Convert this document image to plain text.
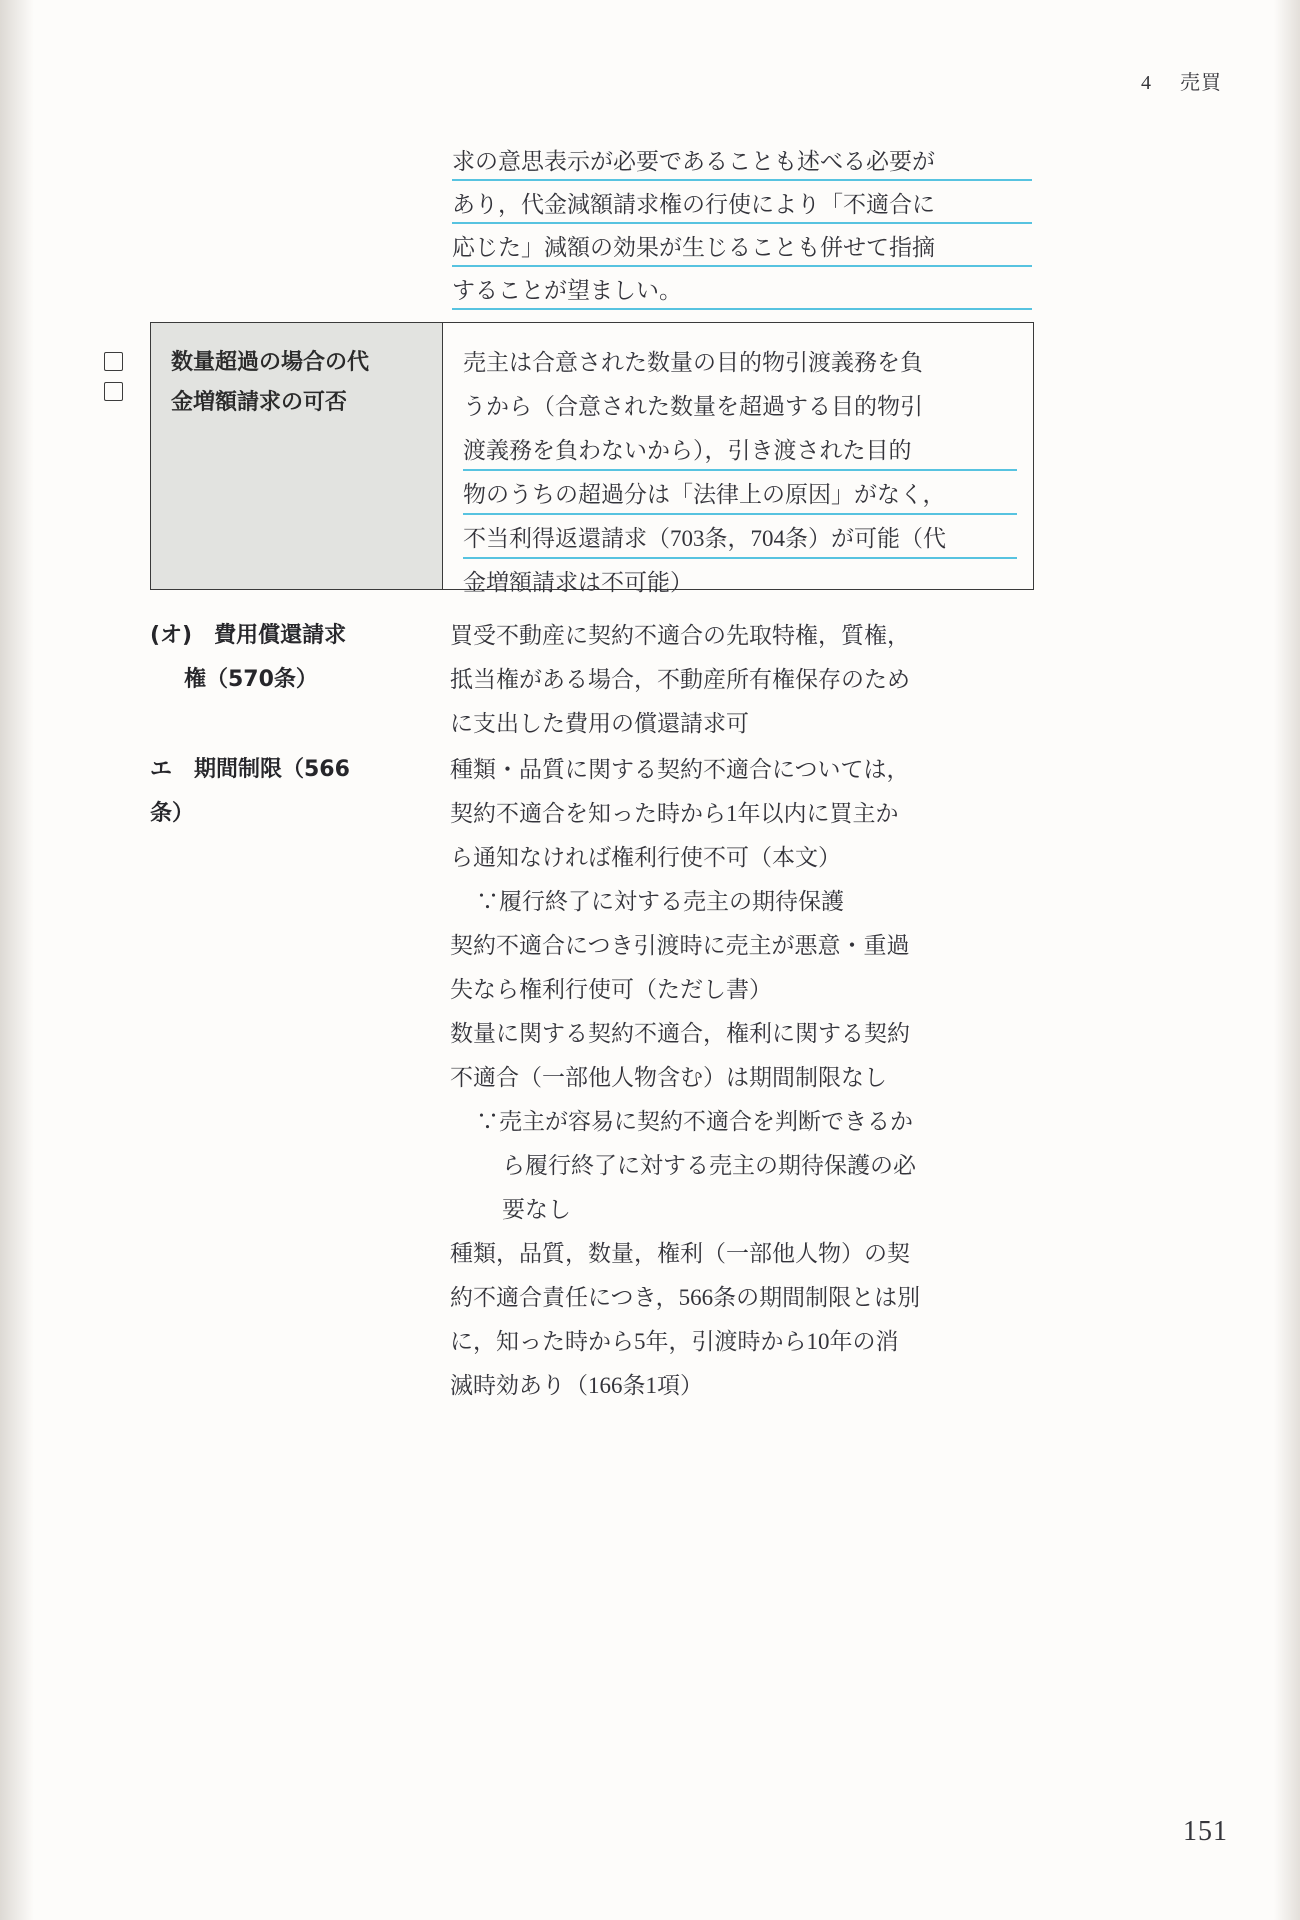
4 売買
求の意思表示が必要であることも述べる必要が
あり，代金減額請求権の行使により「不適合に
応じた」減額の効果が生じることも併せて指摘
することが望ましい。
数量超過の場合の代
金増額請求の可否
売主は合意された数量の目的物引渡義務を負
うから（合意された数量を超過する目的物引
渡義務を負わないから），引き渡された目的
物のうちの超過分は「法律上の原因」がなく，
不当利得返還請求（703条，704条）が可能（代
金増額請求は不可能）
(オ)　費用償還請求
権（570条）
買受不動産に契約不適合の先取特権，質権，
抵当権がある場合，不動産所有権保存のため
に支出した費用の償還請求可
エ　期間制限（566
条）
種類・品質に関する契約不適合については，
契約不適合を知った時から1年以内に買主か
ら通知なければ権利行使不可（本文）
∵履行終了に対する売主の期待保護
契約不適合につき引渡時に売主が悪意・重過
失なら権利行使可（ただし書）
数量に関する契約不適合，権利に関する契約
不適合（一部他人物含む）は期間制限なし
∵売主が容易に契約不適合を判断できるか
ら履行終了に対する売主の期待保護の必
要なし
種類，品質，数量，権利（一部他人物）の契
約不適合責任につき，566条の期間制限とは別
に，知った時から5年，引渡時から10年の消
滅時効あり（166条1項）
151
